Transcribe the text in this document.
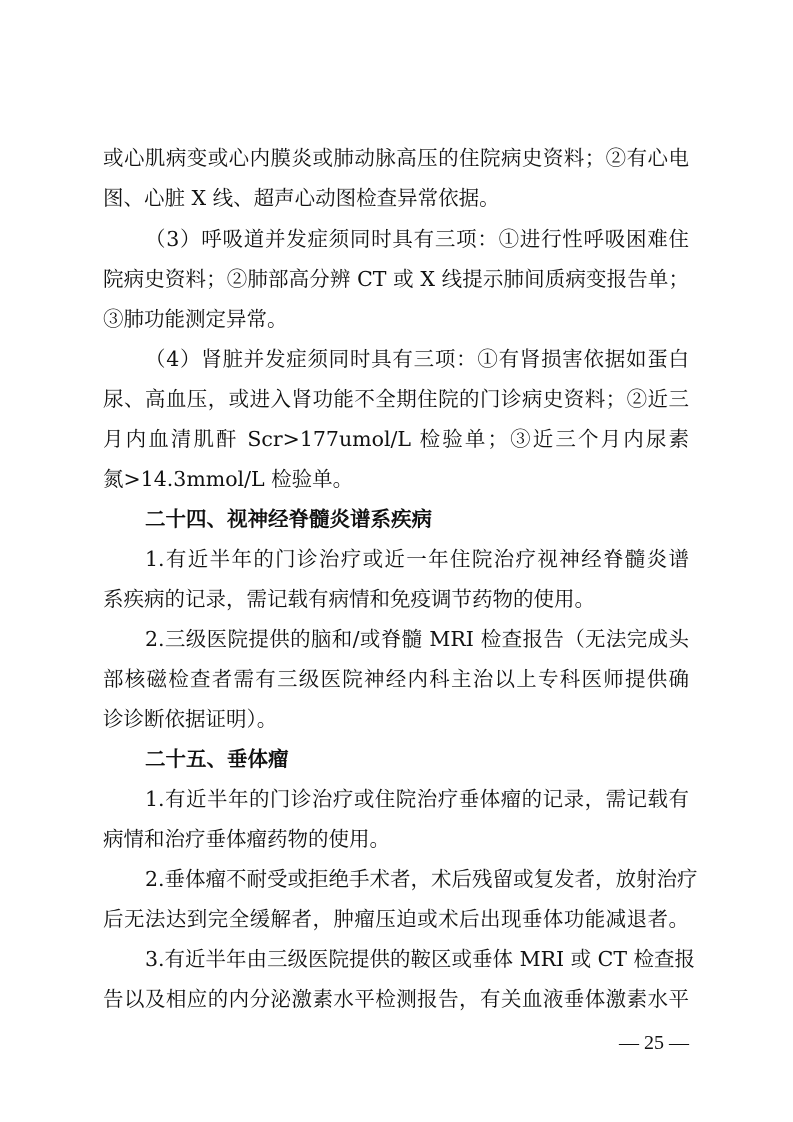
或心肌病变或心内膜炎或肺动脉高压的住院病史资料；②有心电
图、心脏 X 线、超声心动图检查异常依据。
（3）呼吸道并发症须同时具有三项：①进行性呼吸困难住
院病史资料；②肺部高分辨 CT 或 X 线提示肺间质病变报告单；
③肺功能测定异常。
（4）肾脏并发症须同时具有三项：①有肾损害依据如蛋白
尿、高血压，或进入肾功能不全期住院的门诊病史资料；②近三
月内血清肌酐 Scr>177umol/L 检验单；③近三个月内尿素
氮>14.3mmol/L 检验单。
二十四、视神经脊髓炎谱系疾病
1.有近半年的门诊治疗或近一年住院治疗视神经脊髓炎谱
系疾病的记录，需记载有病情和免疫调节药物的使用。
2.三级医院提供的脑和/或脊髓 MRI 检查报告（无法完成头
部核磁检查者需有三级医院神经内科主治以上专科医师提供确
诊诊断依据证明）。
二十五、垂体瘤
1.有近半年的门诊治疗或住院治疗垂体瘤的记录，需记载有
病情和治疗垂体瘤药物的使用。
2.垂体瘤不耐受或拒绝手术者，术后残留或复发者，放射治疗
后无法达到完全缓解者，肿瘤压迫或术后出现垂体功能减退者。
3.有近半年由三级医院提供的鞍区或垂体 MRI 或 CT 检查报
告以及相应的内分泌激素水平检测报告，有关血液垂体激素水平
— 25 —
